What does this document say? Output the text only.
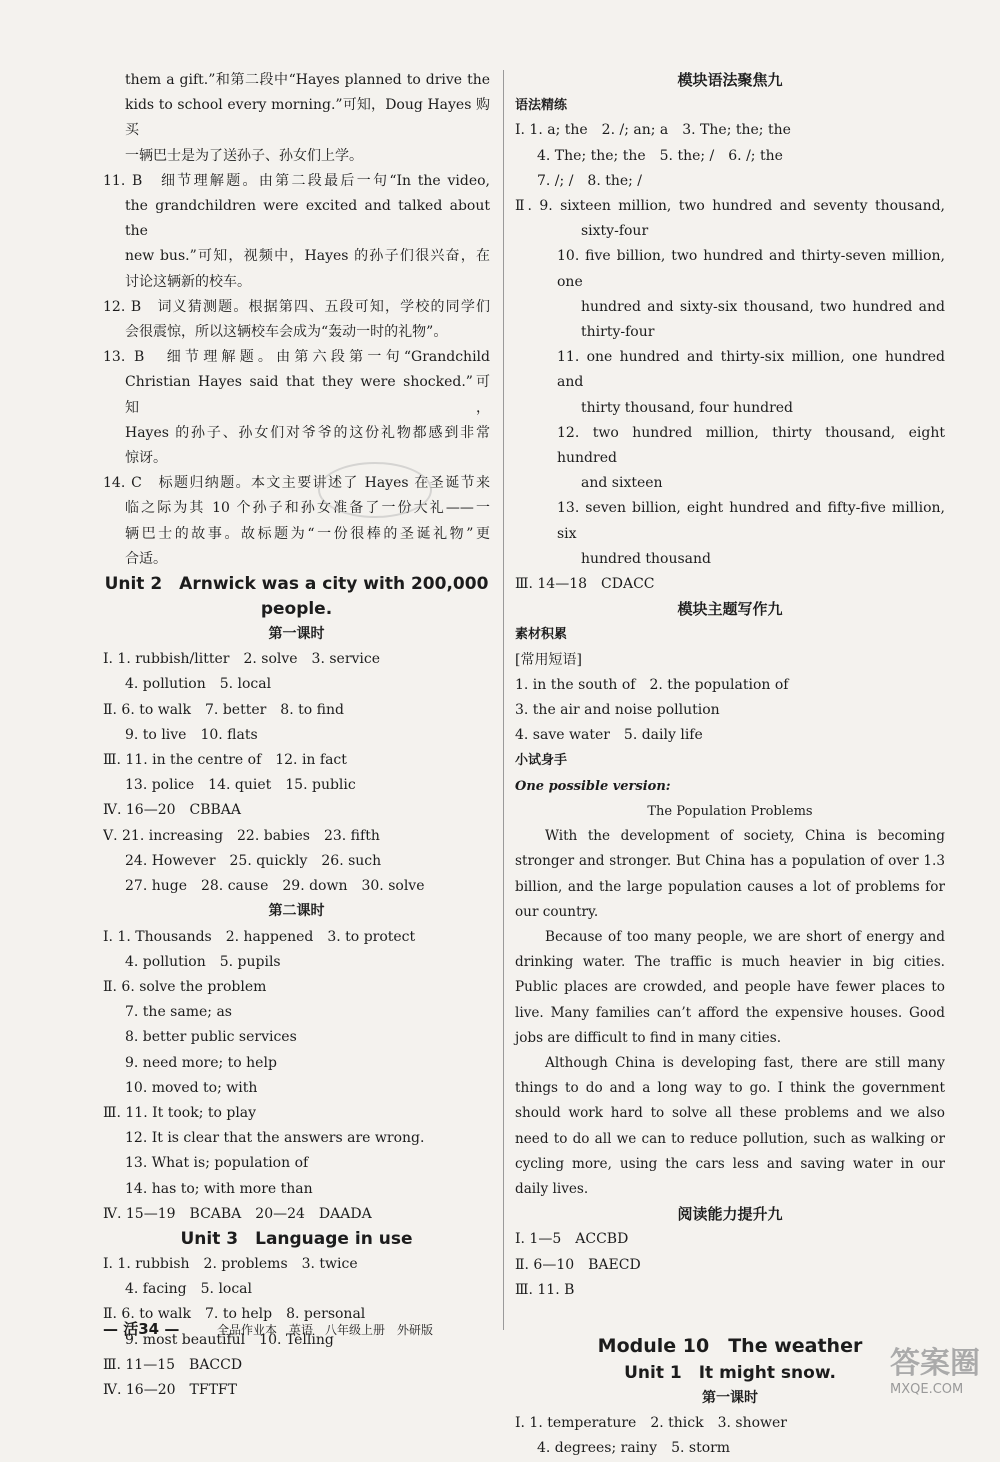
them a gift.”和第二段中“Hayes planned to drive the
kids to school every morning.”可知，Doug Hayes 购买
一辆巴士是为了送孙子、孙女们上学。
11. B　细节理解题。由第二段最后一句“In the video,
the grandchildren were excited and talked about the
new bus.”可知，视频中，Hayes 的孙子们很兴奋，在
讨论这辆新的校车。
12. B　词义猜测题。根据第四、五段可知，学校的同学们
会很震惊，所以这辆校车会成为“轰动一时的礼物”。
13. B　细节理解题。由第六段第一句“Grandchild
Christian Hayes said that they were shocked.”可知，
Hayes 的孙子、孙女们对爷爷的这份礼物都感到非常
惊讶。
14. C　标题归纳题。本文主要讲述了 Hayes 在圣诞节来
临之际为其 10 个孙子和孙女准备了一份大礼——一
辆巴士的故事。故标题为“一份很棒的圣诞礼物”更
合适。
Unit 2　Arnwick was a city with 200,000
people.
第一课时
Ⅰ. 1. rubbish/litter　2. solve　3. service
4. pollution　5. local
Ⅱ. 6. to walk　7. better　8. to find
9. to live　10. flats
Ⅲ. 11. in the centre of　12. in fact
13. police　14. quiet　15. public
Ⅳ. 16—20　CBBAA
Ⅴ. 21. increasing　22. babies　23. fifth
24. However　25. quickly　26. such
27. huge　28. cause　29. down　30. solve
第二课时
Ⅰ. 1. Thousands　2. happened　3. to protect
4. pollution　5. pupils
Ⅱ. 6. solve the problem
7. the same; as
8. better public services
9. need more; to help
10. moved to; with
Ⅲ. 11. It took; to play
12. It is clear that the answers are wrong.
13. What is; population of
14. has to; with more than
Ⅳ. 15—19　BCABA　20—24　DAADA
Unit 3　Language in use
Ⅰ. 1. rubbish　2. problems　3. twice
4. facing　5. local
Ⅱ. 6. to walk　7. to help　8. personal
9. most beautiful　10. Telling
Ⅲ. 11—15　BACCD
Ⅳ. 16—20　TFTFT
模块语法聚焦九
语法精练
Ⅰ. 1. a; the　2. /; an; a　3. The; the; the
4. The; the; the　5. the; /　6. /; the
7. /; /　8. the; /
Ⅱ. 9. sixteen million, two hundred and seventy thousand,
sixty-four
10. five billion, two hundred and thirty-seven million, one
hundred and sixty-six thousand, two hundred and
thirty-four
11. one hundred and thirty-six million, one hundred and
thirty thousand, four hundred
12. two hundred million, thirty thousand, eight hundred
and sixteen
13. seven billion, eight hundred and fifty-five million, six
hundred thousand
Ⅲ. 14—18　CDACC
模块主题写作九
素材积累
[常用短语]
1. in the south of　2. the population of
3. the air and noise pollution
4. save water　5. daily life
小试身手
One possible version:
The Population Problems
With the development of society, China is becoming stronger and stronger. But China has a population of over 1.3 billion, and the large population causes a lot of problems for our country.
Because of too many people, we are short of energy and drinking water. The traffic is much heavier in big cities. Public places are crowded, and people have fewer places to live. Many families can’t afford the expensive houses. Good jobs are difficult to find in many cities.
Although China is developing fast, there are still many things to do and a long way to go. I think the government should work hard to solve all these problems and we also need to do all we can to reduce pollution, such as walking or cycling more, using the cars less and saving water in our daily lives.
阅读能力提升九
Ⅰ. 1—5　ACCBD
Ⅱ. 6—10　BAECD
Ⅲ. 11. B
Module 10　The weather
Unit 1　It might snow.
第一课时
Ⅰ. 1. temperature　2. thick　3. shower
4. degrees; rainy　5. storm
— 活34 —	全品作业本　英语　八年级上册　外研版
答案圈
MXQE.COM
